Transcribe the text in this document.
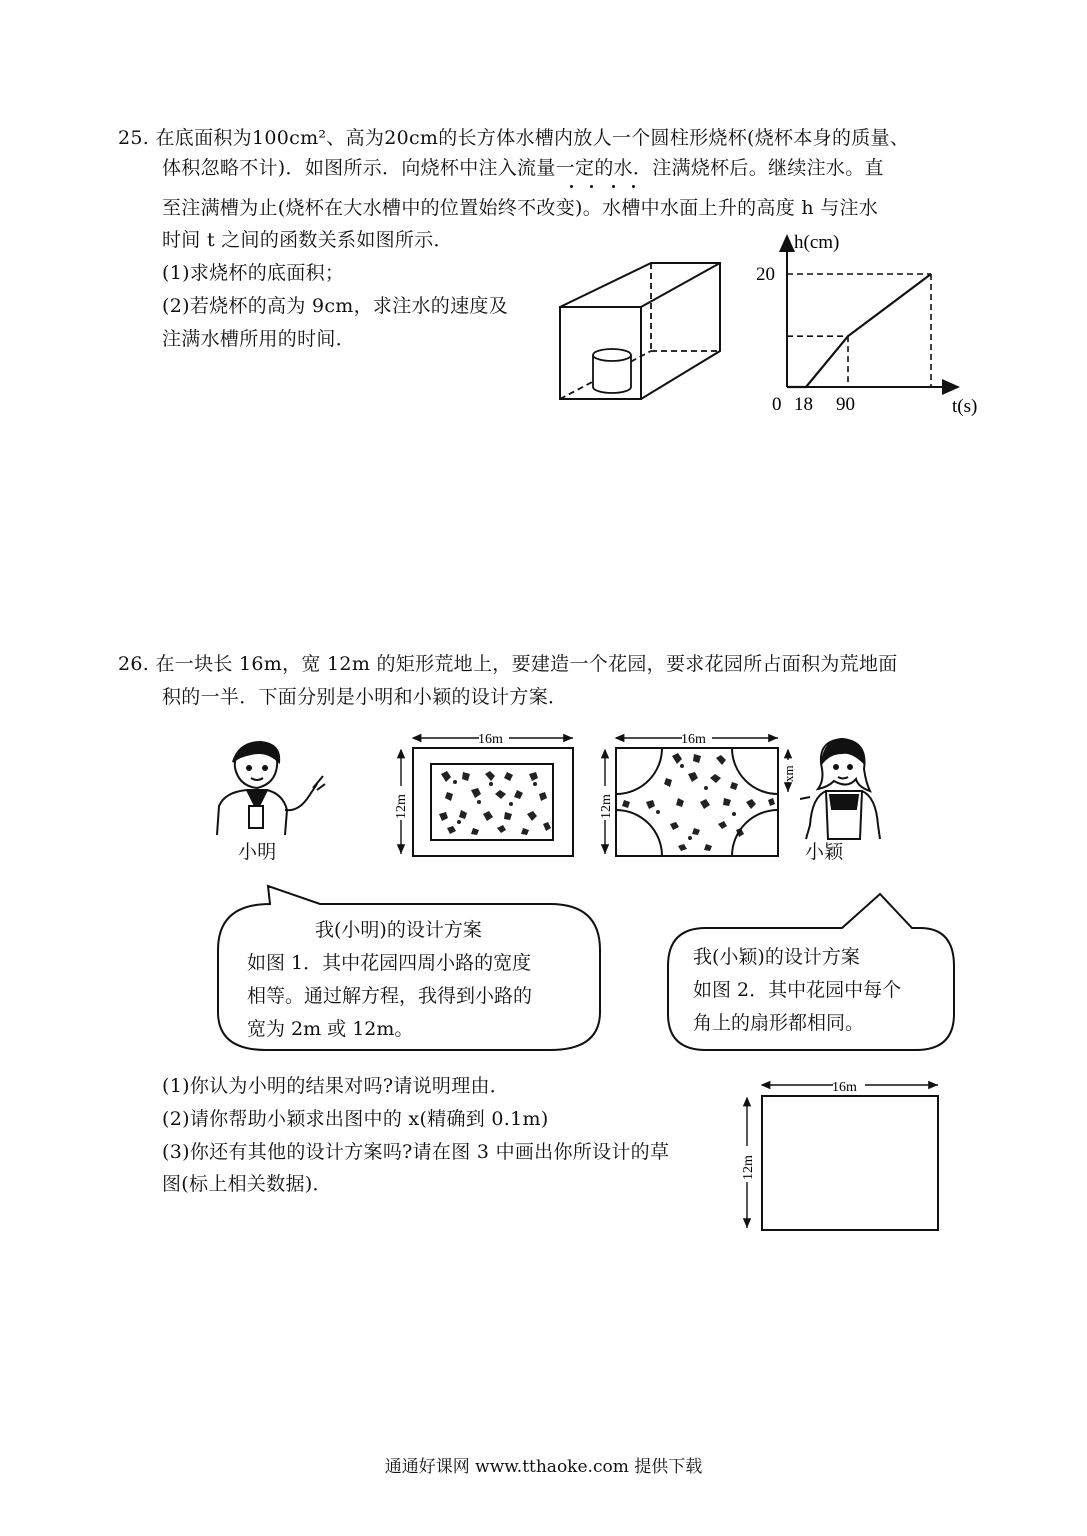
25. 在底面积为100cm²、高为20cm的长方体水槽内放人一个圆柱形烧杯(烧杯本身的质量、
体积忽略不计)．如图所示．向烧杯中注入流量一定的水．注满烧杯后。继续注水。直
至注满槽为止(烧杯在大水槽中的位置始终不改变)。水槽中水面上升的高度 h 与注水
时间 t 之间的函数关系如图所示．
(1)求烧杯的底面积；
(2)若烧杯的高为 9cm，求注水的速度及
注满水槽所用的时间．
h(cm)
20
0 18 90	t(s)
26. 在一块长 16m，宽 12m 的矩形荒地上，要建造一个花园，要求花园所占面积为荒地面
积的一半．下面分别是小明和小颖的设计方案．
小明
16m
12m
16m
12m
xm
小颖
我(小明)的设计方案
如图 1．其中花园四周小路的宽度
相等。通过解方程，我得到小路的
宽为 2m 或 12m。
我(小颖)的设计方案
如图 2．其中花园中每个
角上的扇形都相同。
(1)你认为小明的结果对吗?请说明理由．
(2)请你帮助小颖求出图中的 x(精确到 0.1m)
(3)你还有其他的设计方案吗?请在图 3 中画出你所设计的草
图(标上相关数据)．
16m
12m
通通好课网 www.tthaoke.com 提供下载
